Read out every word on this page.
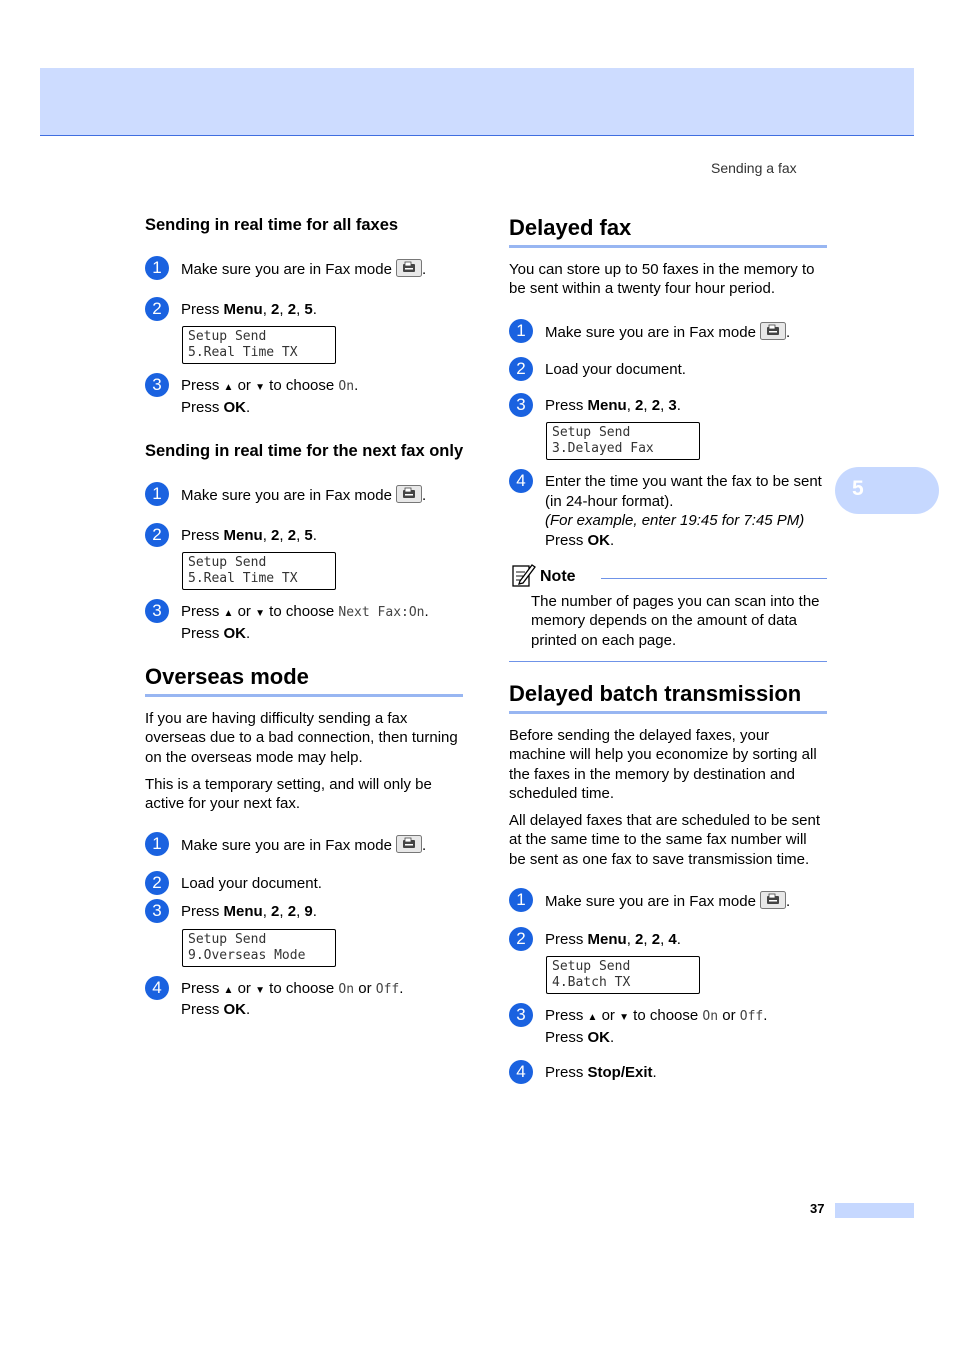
Sending a fax
5
37
Sending in real time for all faxes
1	Make sure you are in Fax mode .
2	Press Menu, 2, 2, 5.
Setup Send
5.Real Time TX
3	Press ▲ or ▼ to choose On.
Press OK.
Sending in real time for the next fax only
1	Make sure you are in Fax mode .
2	Press Menu, 2, 2, 5.
Setup Send
5.Real Time TX
3	Press ▲ or ▼ to choose Next Fax:On.
Press OK.
Overseas mode
If you are having difficulty sending a fax overseas due to a bad connection, then turning on the overseas mode may help.
This is a temporary setting, and will only be active for your next fax.
1	Make sure you are in Fax mode .
2	Load your document.
3	Press Menu, 2, 2, 9.
Setup Send
9.Overseas Mode
4	Press ▲ or ▼ to choose On or Off.
Press OK.
Delayed fax
You can store up to 50 faxes in the memory to be sent within a twenty four hour period.
1	Make sure you are in Fax mode .
2	Load your document.
3	Press Menu, 2, 2, 3.
Setup Send
3.Delayed Fax
4	Enter the time you want the fax to be sent (in 24-hour format).
(For example, enter 19:45 for 7:45 PM)
Press OK.
Note
The number of pages you can scan into the memory depends on the amount of data printed on each page.
Delayed batch transmission
Before sending the delayed faxes, your machine will help you economize by sorting all the faxes in the memory by destination and scheduled time.
All delayed faxes that are scheduled to be sent at the same time to the same fax number will be sent as one fax to save transmission time.
1	Make sure you are in Fax mode .
2	Press Menu, 2, 2, 4.
Setup Send
4.Batch TX
3	Press ▲ or ▼ to choose On or Off.
Press OK.
4	Press Stop/Exit.
